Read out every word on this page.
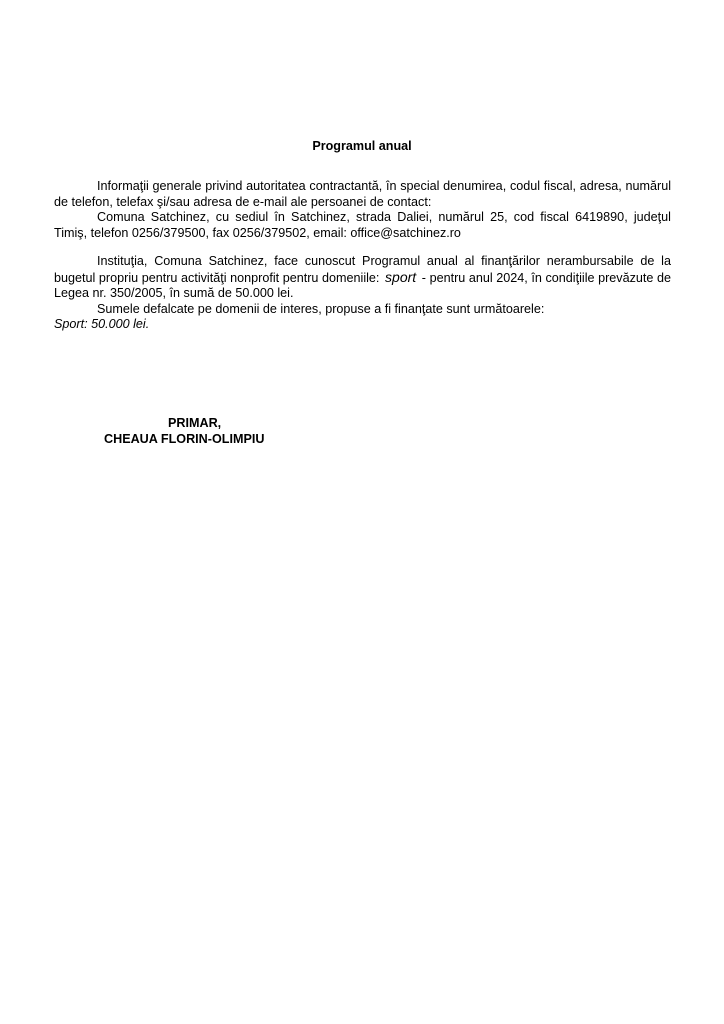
Programul anual

Informaţii generale privind autoritatea contractantă, în special denumirea, codul fiscal, adresa, numărul de telefon, telefax şi/sau adresa de e-mail ale persoanei de contact:

Comuna Satchinez, cu sediul în Satchinez, strada Daliei, numărul 25, cod fiscal 6419890, judeţul Timiş, telefon 0256/379500, fax 0256/379502, email: office@satchinez.ro

Instituţia, Comuna Satchinez, face cunoscut Programul anual al finanţărilor nerambursabile de la bugetul propriu pentru activităţi nonprofit pentru domeniile: sport - pentru anul 2024, în condiţiile prevăzute de Legea nr. 350/2005, în sumă de 50.000 lei.

Sumele defalcate pe domenii de interes, propuse a fi finanţate sunt următoarele:

Sport: 50.000 lei.

PRIMAR,
CHEAUA FLORIN-OLIMPIU
